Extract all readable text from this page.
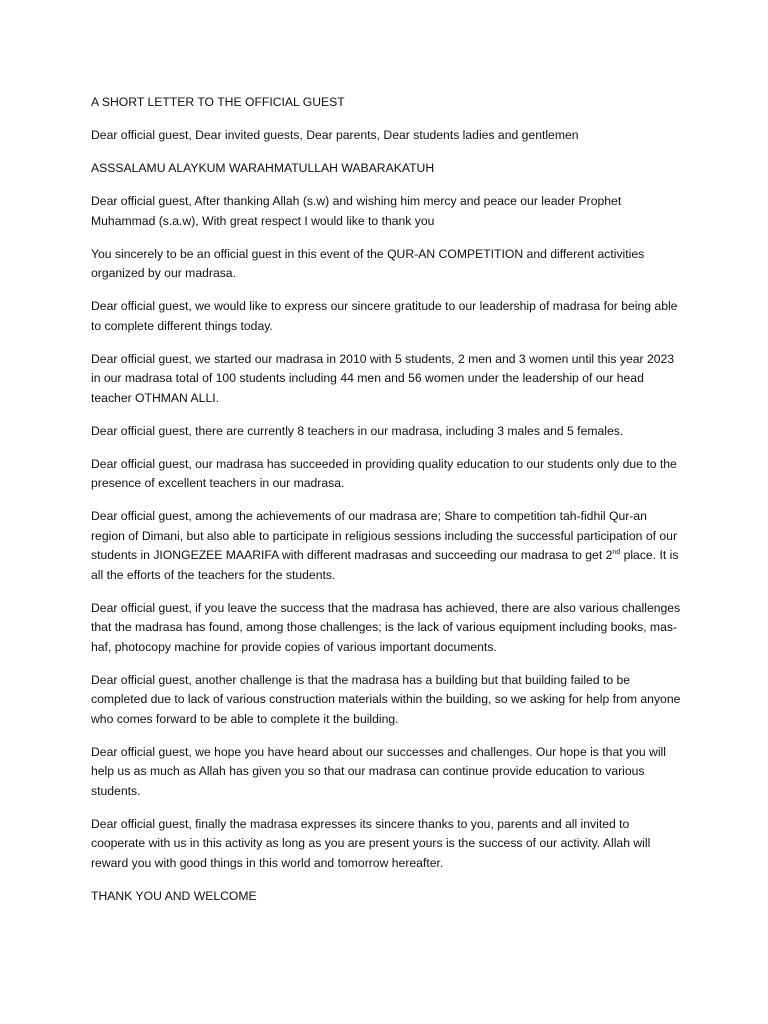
A SHORT LETTER TO THE OFFICIAL GUEST

Dear official guest, Dear invited guests, Dear parents, Dear students ladies and gentlemen

ASSSALAMU ALAYKUM WARAHMATULLAH WABARAKATUH

Dear official guest, After thanking Allah (s.w) and wishing him mercy and peace our leader Prophet Muhammad (s.a.w), With great respect I would like to thank you

You sincerely to be an official guest in this event of the QUR-AN COMPETITION and different activities organized by our madrasa.

Dear official guest, we would like to express our sincere gratitude to our leadership of madrasa for being able to complete different things today.

Dear official guest, we started our madrasa in 2010 with 5 students, 2 men and 3 women until this year 2023 in our madrasa total of 100 students including 44 men and 56 women under the leadership of our head teacher OTHMAN ALLI.

Dear official guest, there are currently 8 teachers in our madrasa, including 3 males and 5 females.

Dear official guest, our madrasa has succeeded in providing quality education to our students only due to the presence of excellent teachers in our madrasa.

Dear official guest, among the achievements of our madrasa are; Share to competition tah-fidhil Qur-an region of Dimani, but also able to participate in religious sessions including the successful participation of our students in JIONGEZEE MAARIFA with different madrasas and succeeding our madrasa to get 2nd place. It is all the efforts of the teachers for the students.

Dear official guest, if you leave the success that the madrasa has achieved, there are also various challenges that the madrasa has found, among those challenges; is the lack of various equipment including books, mas-haf, photocopy machine for provide copies of various important documents.

Dear official guest, another challenge is that the madrasa has a building but that building failed to be completed due to lack of various construction materials within the building, so we asking for help from anyone who comes forward to be able to complete it the building.

Dear official guest, we hope you have heard about our successes and challenges. Our hope is that you will help us as much as Allah has given you so that our madrasa can continue provide education to various students.

Dear official guest, finally the madrasa expresses its sincere thanks to you, parents and all invited to cooperate with us in this activity as long as you are present yours is the success of our activity. Allah will reward you with good things in this world and tomorrow hereafter.

THANK YOU AND WELCOME
